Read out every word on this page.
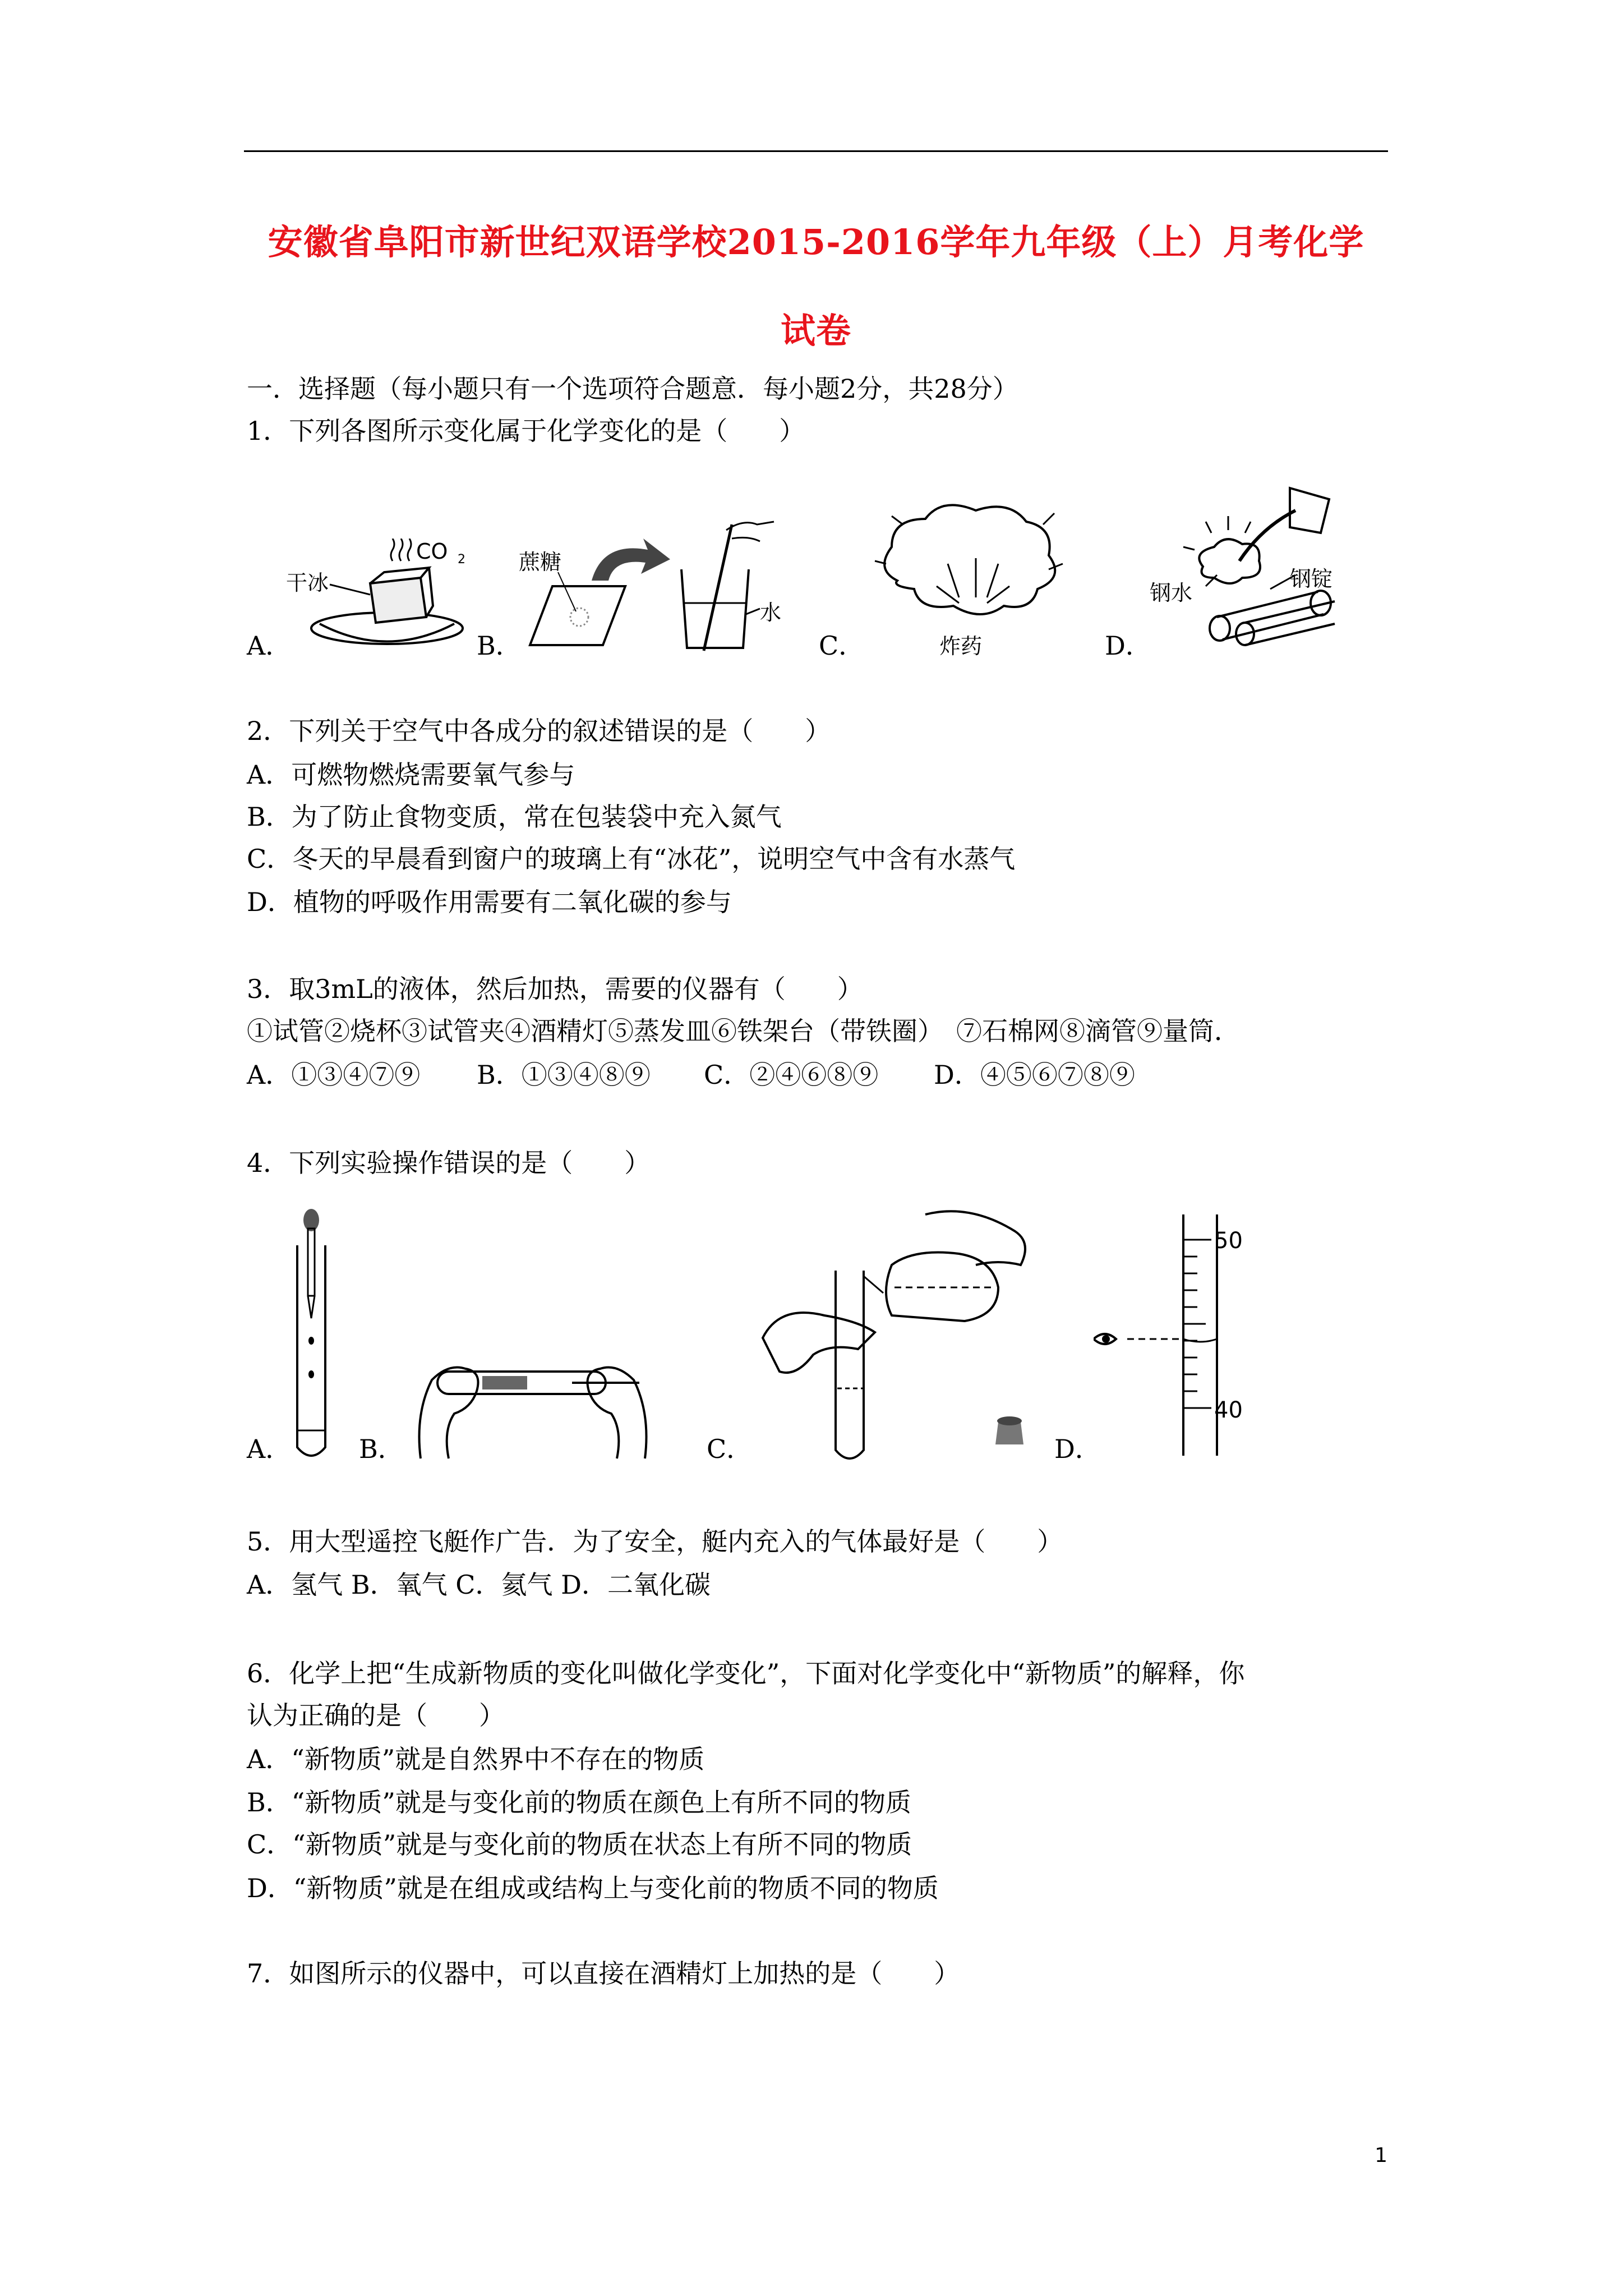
安徽省阜阳市新世纪双语学校2015-2016学年九年级（上）月考化学
试卷
一．选择题（每小题只有一个选项符合题意．每小题2分，共28分）
1．下列各图所示变化属于化学变化的是（　　）
A．	B．	C．	D．
CO 2
干冰
蔗糖
水
炸药
钢水
钢锭
2．下列关于空气中各成分的叙述错误的是（　　）
A．可燃物燃烧需要氧气参与
B．为了防止食物变质，常在包装袋中充入氮气
C．冬天的早晨看到窗户的玻璃上有“冰花”，说明空气中含有水蒸气
D．植物的呼吸作用需要有二氧化碳的参与
3．取3mL的液体，然后加热，需要的仪器有（　　）
①试管②烧杯③试管夹④酒精灯⑤蒸发皿⑥铁架台（带铁圈）　⑦石棉网⑧滴管⑨量筒．
A．①③④⑦⑨ B．①③④⑧⑨ C．②④⑥⑧⑨ D．④⑤⑥⑦⑧⑨
4．下列实验操作错误的是（　　）
A．	B．	C．	D．
50
40
5．用大型遥控飞艇作广告．为了安全，艇内充入的气体最好是（　　）
A．氢气 B．氧气 C．氦气 D．二氧化碳
6．化学上把“生成新物质的变化叫做化学变化”，下面对化学变化中“新物质”的解释，你
认为正确的是（　　）
A．“新物质”就是自然界中不存在的物质
B．“新物质”就是与变化前的物质在颜色上有所不同的物质
C．“新物质”就是与变化前的物质在状态上有所不同的物质
D．“新物质”就是在组成或结构上与变化前的物质不同的物质
7．如图所示的仪器中，可以直接在酒精灯上加热的是（　　）
1
